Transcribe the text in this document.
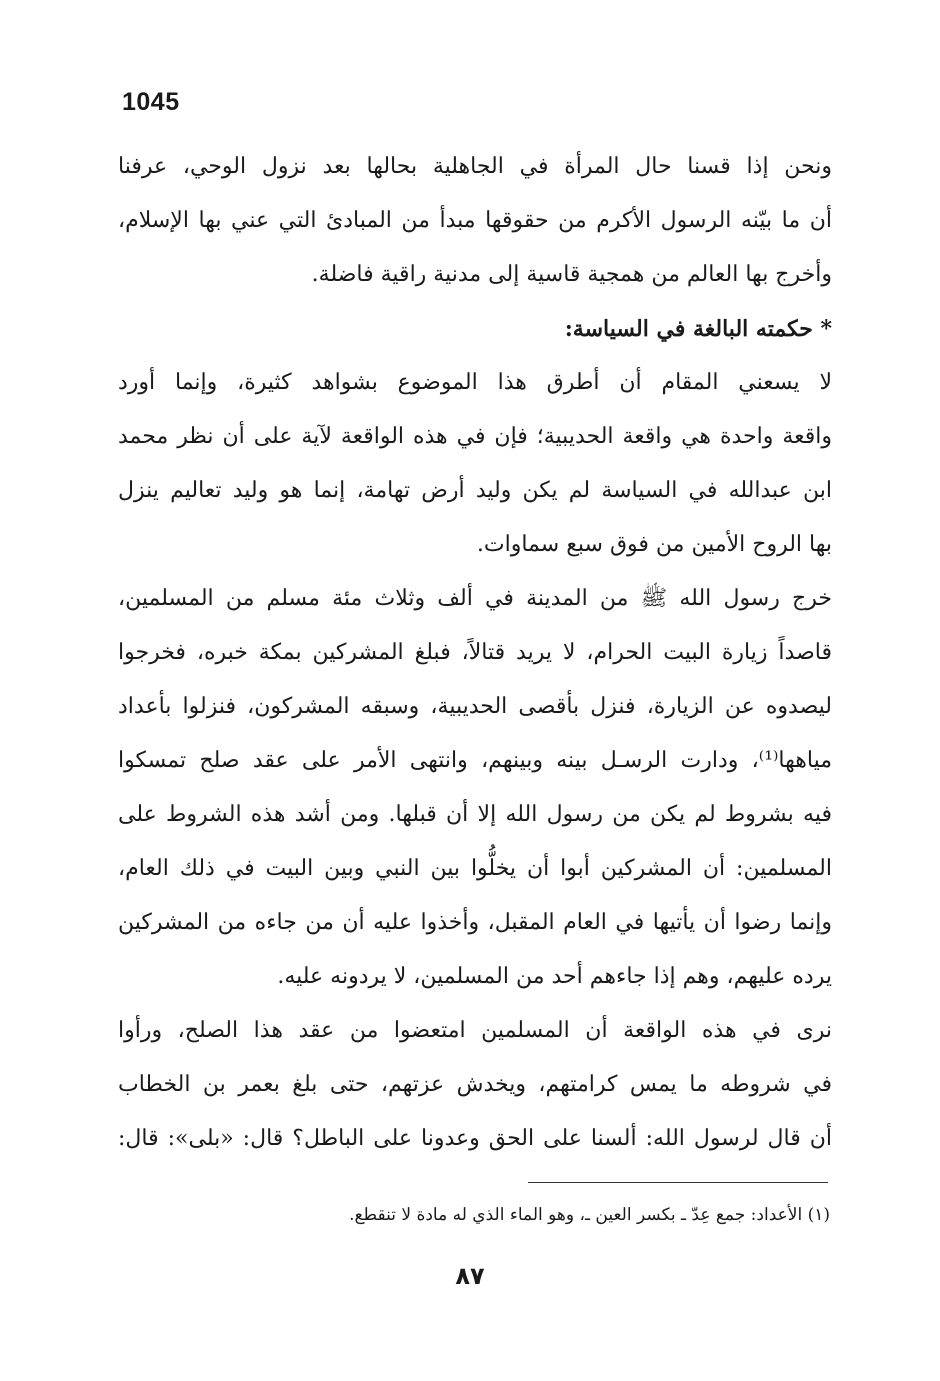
1045
ونحن إذا قسنا حال المرأة في الجاهلية بحالها بعد نزول الوحي، عرفنا
أن ما بيّنه الرسول الأكرم من حقوقها مبدأ من المبادئ التي عني بها الإسلام،
وأخرج بها العالم من همجية قاسية إلى مدنية راقية فاضلة.
* حكمته البالغة في السياسة:
لا يسعني المقام أن أطرق هذا الموضوع بشواهد كثيرة، وإنما أورد
واقعة واحدة هي واقعة الحديبية؛ فإن في هذه الواقعة لآية على أن نظر محمد
ابن عبدالله في السياسة لم يكن وليد أرض تهامة، إنما هو وليد تعاليم ينزل
بها الروح الأمين من فوق سبع سماوات.
خرج رسول الله ﷺ من المدينة في ألف وثلاث مئة مسلم من المسلمين،
قاصداً زيارة البيت الحرام، لا يريد قتالاً، فبلغ المشركين بمكة خبره، فخرجوا
ليصدوه عن الزيارة، فنزل بأقصى الحديبية، وسبقه المشركون، فنزلوا بأعداد
مياهها⁽¹⁾، ودارت الرسـل بينه وبينهم، وانتهى الأمر على عقد صلح تمسكوا
فيه بشروط لم يكن من رسول الله إلا أن قبلها. ومن أشد هذه الشروط على
المسلمين: أن المشركين أبوا أن يخلُّوا بين النبي وبين البيت في ذلك العام،
وإنما رضوا أن يأتيها في العام المقبل، وأخذوا عليه أن من جاءه من المشركين
يرده عليهم، وهم إذا جاءهم أحد من المسلمين، لا يردونه عليه.
نرى في هذه الواقعة أن المسلمين امتعضوا من عقد هذا الصلح، ورأوا
في شروطه ما يمس كرامتهم، ويخدش عزتهم، حتى بلغ بعمر بن الخطاب
أن قال لرسول الله: ألسنا على الحق وعدونا على الباطل؟ قال: «بلى»: قال:
(١) الأعداد: جمع عِدّ ـ بكسر العين ـ، وهو الماء الذي له مادة لا تنقطع.
٨٧
